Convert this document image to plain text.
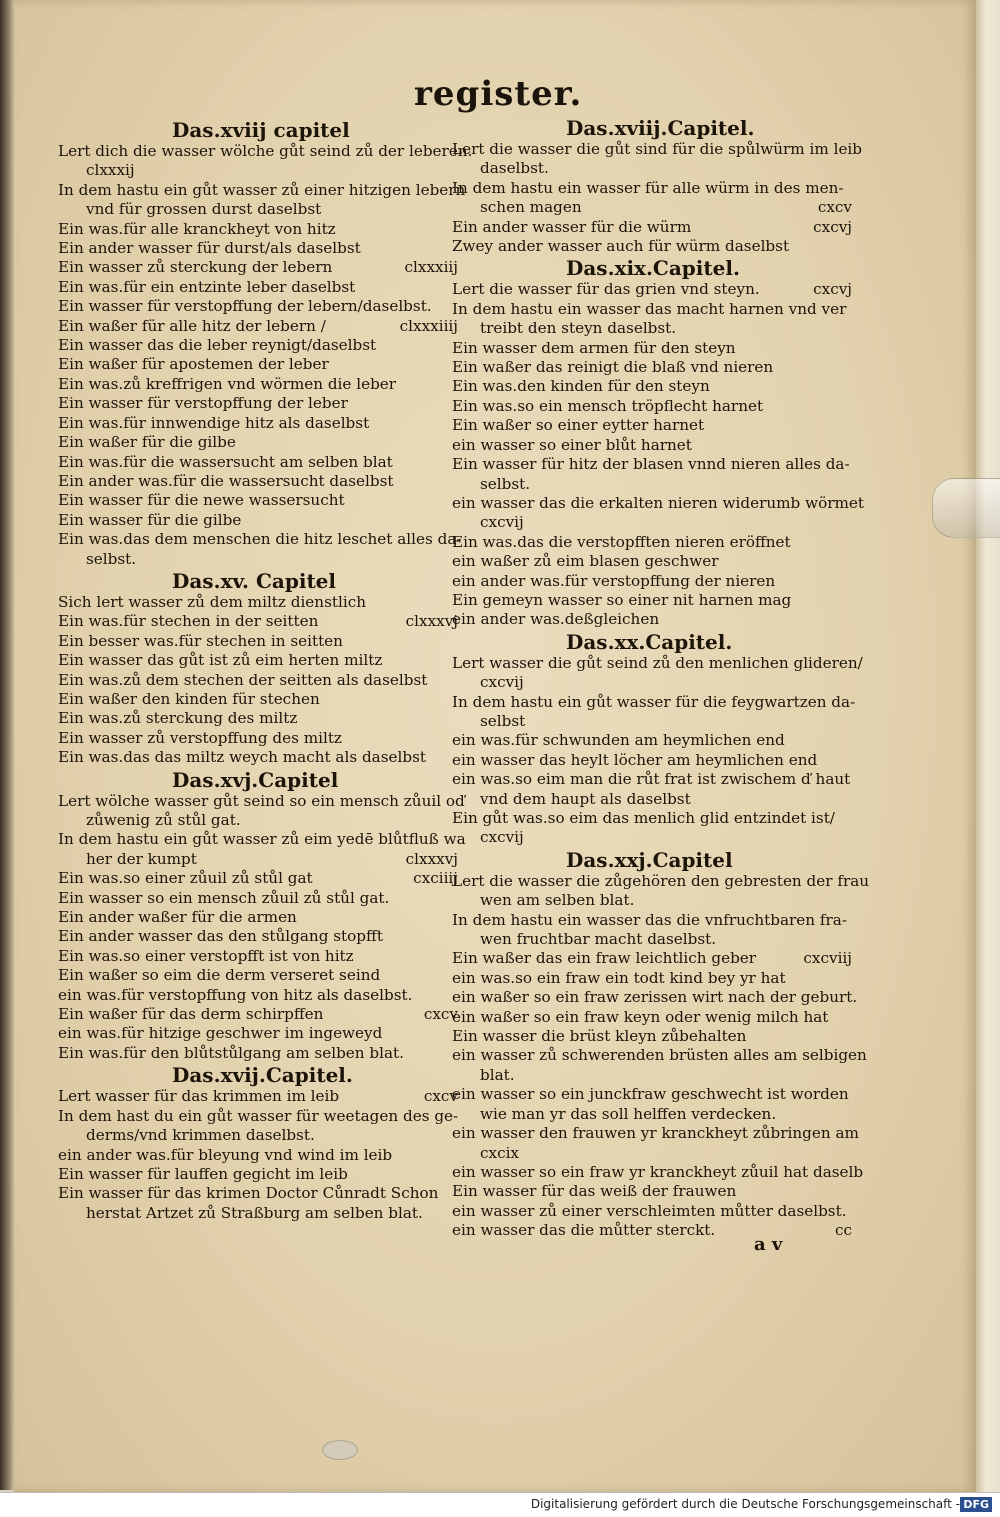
register.
Das.xviij capitel
Lert dich die wasser wölche gůt seind zů der leberen.
clxxxij
In dem hastu ein gůt wasser zů einer hitzigen lebern
vnd für grossen durst daselbst
Ein was.für alle kranckheyt von hitz
Ein ander wasser für durst/als daselbst
Ein wasser zů sterckung der lebern	clxxxiij
Ein was.für ein entzinte leber daselbst
Ein wasser für verstopffung der lebern/daselbst.
Ein waßer für alle hitz der lebern /	clxxxiiij
Ein wasser das die leber reynigt/daselbst
Ein waßer für apostemen der leber
Ein was.zů kreffrigen vnd wörmen die leber
Ein wasser für verstopffung der leber
Ein was.für innwendige hitz als daselbst
Ein waßer für die gilbe
Ein was.für die wassersucht am selben blat
Ein ander was.für die wassersucht daselbst
Ein wasser für die newe wassersucht
Ein wasser für die gilbe
Ein was.das dem menschen die hitz leschet alles da-
selbst.
Das.xv. Capitel
Sich lert wasser zů dem miltz dienstlich
Ein was.für stechen in der seitten	clxxxvj
Ein besser was.für stechen in seitten
Ein wasser das gůt ist zů eim herten miltz
Ein was.zů dem stechen der seitten als daselbst
Ein waßer den kinden für stechen
Ein was.zů sterckung des miltz
Ein wasser zů verstopffung des miltz
Ein was.das das miltz weych macht als daselbst
Das.xvj.Capitel
Lert wölche wasser gůt seind so ein mensch zůuil oď
zůwenig zů stůl gat.
In dem hastu ein gůt wasser zů eim yedē blůtfluß wa
her der kumpt	clxxxvj
Ein was.so einer zůuil zů stůl gat	cxciiij
Ein wasser so ein mensch zůuil zů stůl gat.
Ein ander waßer für die armen
Ein ander wasser das den stůlgang stopfft
Ein was.so einer verstopfft ist von hitz
Ein waßer so eim die derm verseret seind
ein was.für verstopffung von hitz als daselbst.
Ein waßer für das derm schirpffen	cxcv
ein was.für hitzige geschwer im ingeweyd
Ein was.für den blůtstůlgang am selben blat.
Das.xvij.Capitel.
Lert wasser für das krimmen im leib	cxcv
In dem hast du ein gůt wasser für weetagen des ge-
derms/vnd krimmen daselbst.
ein ander was.für bleyung vnd wind im leib
Ein wasser für lauffen gegicht im leib
Ein wasser für das krimen Doctor Cůnradt Schon
herstat Artzet zů Straßburg am selben blat.
Das.xviij.Capitel.
Lert die wasser die gůt sind für die spůlwürm im leib
daselbst.
In dem hastu ein wasser für alle würm in des men-
schen magen	cxcv
Ein ander wasser für die würm	cxcvj
Zwey ander wasser auch für würm daselbst
Das.xix.Capitel.
Lert die wasser für das grien vnd steyn.	cxcvj
In dem hastu ein wasser das macht harnen vnd ver
treibt den steyn daselbst.
Ein wasser dem armen für den steyn
Ein waßer das reinigt die blaß vnd nieren
Ein was.den kinden für den steyn
Ein was.so ein mensch tröpflecht harnet
Ein waßer so einer eytter harnet
ein wasser so einer blůt harnet
Ein wasser für hitz der blasen vnnd nieren alles da-
selbst.
ein wasser das die erkalten nieren widerumb wörmet
cxcvij
Ein was.das die verstopfften nieren eröffnet
ein waßer zů eim blasen geschwer
ein ander was.für verstopffung der nieren
Ein gemeyn wasser so einer nit harnen mag
ein ander was.deßgleichen
Das.xx.Capitel.
Lert wasser die gůt seind zů den menlichen glideren/
cxcvij
In dem hastu ein gůt wasser für die feygwartzen da-
selbst
ein was.für schwunden am heymlichen end
ein wasser das heylt löcher am heymlichen end
ein was.so eim man die růt frat ist zwischem ď haut
vnd dem haupt als daselbst
Ein gůt was.so eim das menlich glid entzindet ist/
cxcvij
Das.xxj.Capitel
Lert die wasser die zůgehören den gebresten der frau
wen am selben blat.
In dem hastu ein wasser das die vnfruchtbaren fra-
wen fruchtbar macht daselbst.
Ein waßer das ein fraw leichtlich geber	cxcviij
ein was.so ein fraw ein todt kind bey yr hat
ein waßer so ein fraw zerissen wirt nach der geburt.
ein waßer so ein fraw keyn oder wenig milch hat
Ein wasser die brüst kleyn zůbehalten
ein wasser zů schwerenden brüsten alles am selbigen
blat.
ein wasser so ein junckfraw geschwecht ist worden
wie man yr das soll helffen verdecken.
ein wasser den frauwen yr kranckheyt zůbringen am
cxcix
ein wasser so ein fraw yr kranckheyt zůuil hat daselb
Ein wasser für das weiß der frauwen
ein wasser zů einer verschleimten můtter daselbst.
ein wasser das die můtter sterckt.	cc
a v
Digitalisierung gefördert durch die Deutsche Forschungsgemeinschaft - DFG
